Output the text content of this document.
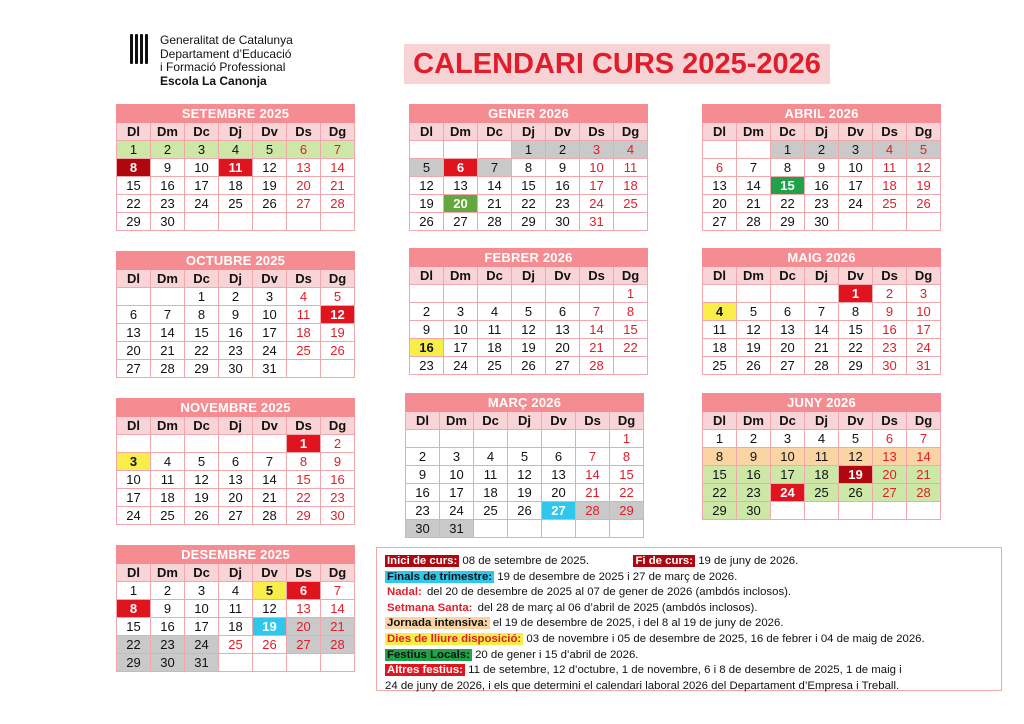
Generalitat de Catalunya
Departament d’Educació
i Formació Professional
Escola La Canonja
CALENDARI CURS 2025-2026
SETEMBRE 2025						
Dl	Dm	Dc	Dj	Dv	Ds	Dg
1	2	3	4	5	6	7
8	9	10	11	12	13	14
15	16	17	18	19	20	21
22	23	24	25	26	27	28
29	30					
OCTUBRE 2025						
Dl	Dm	Dc	Dj	Dv	Ds	Dg
		1	2	3	4	5
6	7	8	9	10	11	12
13	14	15	16	17	18	19
20	21	22	23	24	25	26
27	28	29	30	31		
NOVEMBRE 2025						
Dl	Dm	Dc	Dj	Dv	Ds	Dg
					1	2
3	4	5	6	7	8	9
10	11	12	13	14	15	16
17	18	19	20	21	22	23
24	25	26	27	28	29	30
DESEMBRE 2025						
Dl	Dm	Dc	Dj	Dv	Ds	Dg
1	2	3	4	5	6	7
8	9	10	11	12	13	14
15	16	17	18	19	20	21
22	23	24	25	26	27	28
29	30	31				
GENER 2026						
Dl	Dm	Dc	Dj	Dv	Ds	Dg
			1	2	3	4
5	6	7	8	9	10	11
12	13	14	15	16	17	18
19	20	21	22	23	24	25
26	27	28	29	30	31	
FEBRER 2026						
Dl	Dm	Dc	Dj	Dv	Ds	Dg
						1
2	3	4	5	6	7	8
9	10	11	12	13	14	15
16	17	18	19	20	21	22
23	24	25	26	27	28	
MARÇ 2026						
Dl	Dm	Dc	Dj	Dv	Ds	Dg
						1
2	3	4	5	6	7	8
9	10	11	12	13	14	15
16	17	18	19	20	21	22
23	24	25	26	27	28	29
30	31					
ABRIL 2026						
Dl	Dm	Dc	Dj	Dv	Ds	Dg
		1	2	3	4	5
6	7	8	9	10	11	12
13	14	15	16	17	18	19
20	21	22	23	24	25	26
27	28	29	30			
MAIG 2026						
Dl	Dm	Dc	Dj	Dv	Ds	Dg
				1	2	3
4	5	6	7	8	9	10
11	12	13	14	15	16	17
18	19	20	21	22	23	24
25	26	27	28	29	30	31
JUNY 2026						
Dl	Dm	Dc	Dj	Dv	Ds	Dg
1	2	3	4	5	6	7
8	9	10	11	12	13	14
15	16	17	18	19	20	21
22	23	24	25	26	27	28
29	30					
Inici de curs: 08 de setembre de 2025.	Fi de curs: 19 de juny de 2026.
Finals de trimestre: 19 de desembre de 2025 i 27 de març de 2026.
Nadal: del 20 de desembre de 2025 al 07 de gener de 2026 (ambdós inclosos).
Setmana Santa: del 28 de març al 06 d’abril de 2025 (ambdós inclosos).
Jornada intensiva: el 19 de desembre de 2025, i del 8 al 19 de juny de 2026.
Dies de lliure disposició: 03 de novembre i 05 de desembre de 2025, 16 de febrer i 04 de maig de 2026.
Festius Locals: 20 de gener i 15 d’abril de 2026.
Altres festius: 11 de setembre, 12 d’octubre, 1 de novembre, 6 i 8 de desembre de 2025, 1 de maig i
24 de juny de 2026, i els que determini el calendari laboral 2026 del Departament d’Empresa i Treball.
